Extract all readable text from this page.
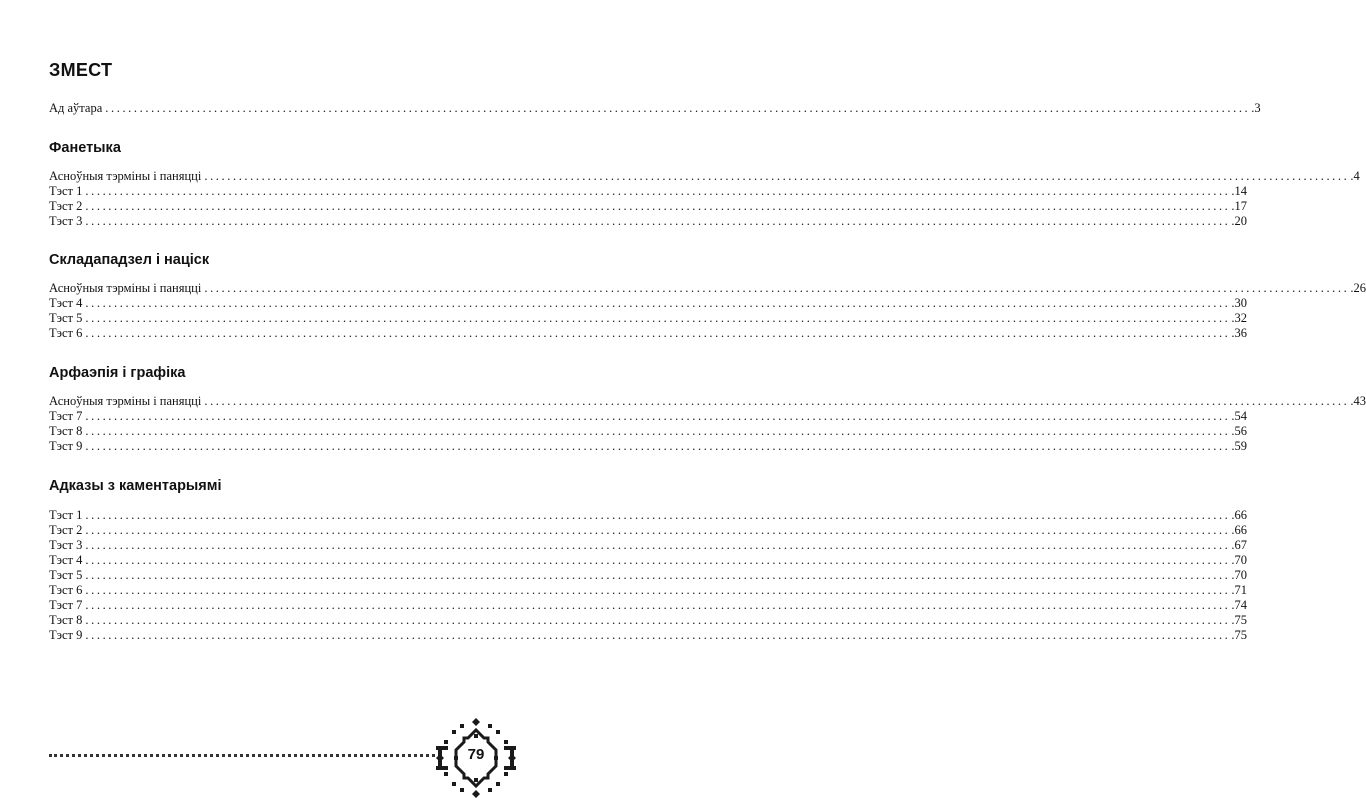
ЗМЕСТ
Ад аўтара ........................................................................................................................................................................................................ .3
Фанетыка
Асноўныя тэрміны і паняцці ........................................................................................................................................................................................................ .4
Тэст 1 ........................................................................................................................................................................................................ .14
Тэст 2 ........................................................................................................................................................................................................ .17
Тэст 3 ........................................................................................................................................................................................................ .20
Складападзел і націск
Асноўныя тэрміны і паняцці ........................................................................................................................................................................................................ .26
Тэст 4 ........................................................................................................................................................................................................ .30
Тэст 5 ........................................................................................................................................................................................................ .32
Тэст 6 ........................................................................................................................................................................................................ .36
Арфаэпія і графіка
Асноўныя тэрміны і паняцці ........................................................................................................................................................................................................ .43
Тэст 7 ........................................................................................................................................................................................................ .54
Тэст 8 ........................................................................................................................................................................................................ .56
Тэст 9 ........................................................................................................................................................................................................ .59
Адказы з каментарыямі
Тэст 1 ........................................................................................................................................................................................................ .66
Тэст 2 ........................................................................................................................................................................................................ .66
Тэст 3 ........................................................................................................................................................................................................ .67
Тэст 4 ........................................................................................................................................................................................................ .70
Тэст 5 ........................................................................................................................................................................................................ .70
Тэст 6 ........................................................................................................................................................................................................ .71
Тэст 7 ........................................................................................................................................................................................................ .74
Тэст 8 ........................................................................................................................................................................................................ .75
Тэст 9 ........................................................................................................................................................................................................ .75
79
